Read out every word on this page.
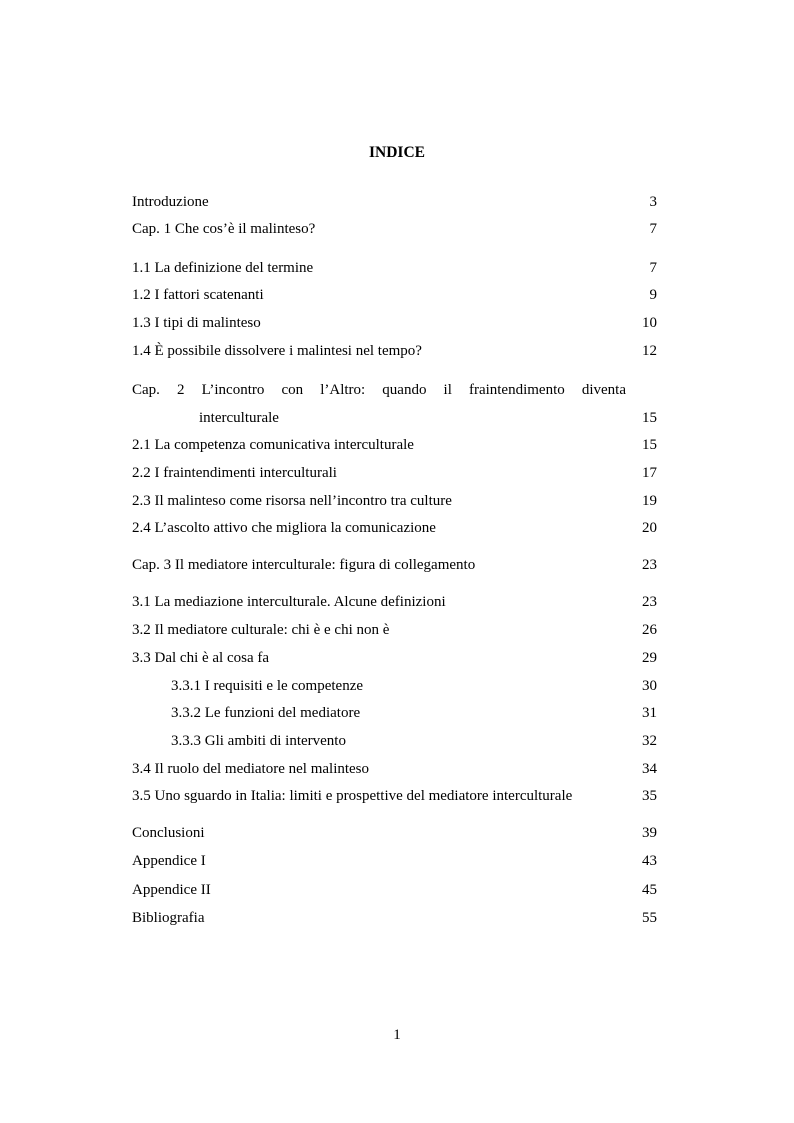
INDICE
Introduzione	3
Cap. 1 Che cos’è il malinteso?	7
1.1 La definizione del termine	7
1.2 I fattori scatenanti	9
1.3 I tipi di malinteso	10
1.4 È possibile dissolvere i malintesi nel tempo?	12
Cap. 2 L’incontro con l’Altro: quando il fraintendimento diventa
interculturale	15
2.1 La competenza comunicativa interculturale	15
2.2 I fraintendimenti interculturali	17
2.3 Il malinteso come risorsa nell’incontro tra culture	19
2.4 L’ascolto attivo che migliora la comunicazione	20
Cap. 3 Il mediatore interculturale: figura di collegamento	23
3.1 La mediazione interculturale. Alcune definizioni	23
3.2 Il mediatore culturale: chi è e chi non è	26
3.3 Dal chi è al cosa fa	29
3.3.1 I requisiti e le competenze	30
3.3.2 Le funzioni del mediatore	31
3.3.3 Gli ambiti di intervento	32
3.4 Il ruolo del mediatore nel malinteso	34
3.5 Uno sguardo in Italia: limiti e prospettive del mediatore interculturale	35
Conclusioni	39
Appendice I	43
Appendice II	45
Bibliografia	55
1
